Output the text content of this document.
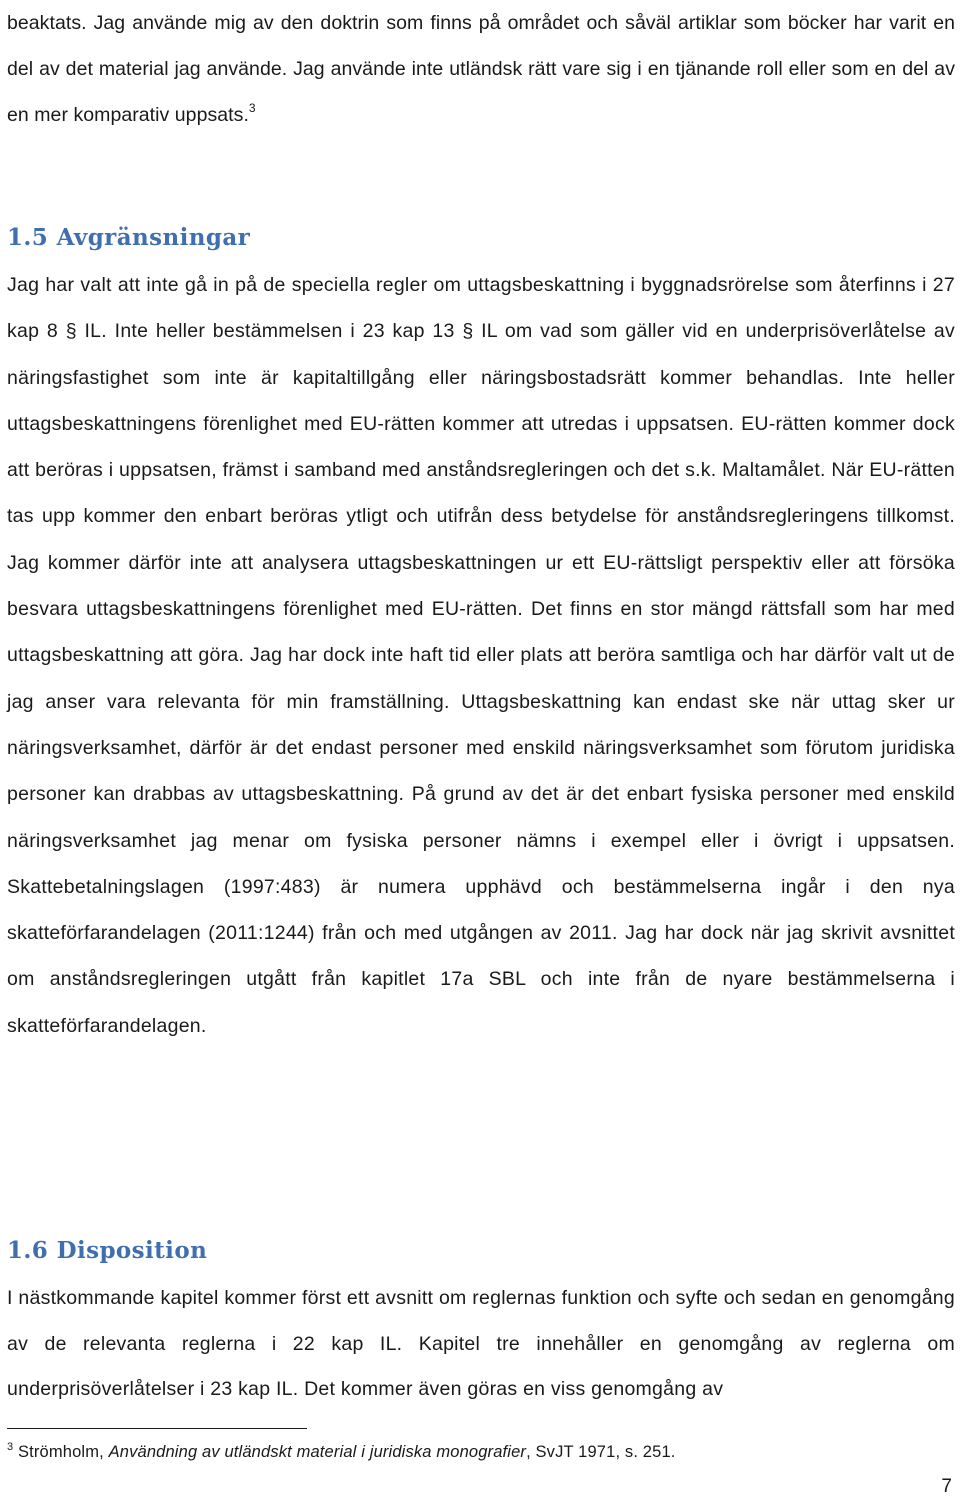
beaktats. Jag använde mig av den doktrin som finns på området och såväl artiklar som böcker har varit en del av det material jag använde. Jag använde inte utländsk rätt vare sig i en tjänande roll eller som en del av en mer komparativ uppsats.$^3$

1.5 Avgränsningar

Jag har valt att inte gå in på de speciella regler om uttagsbeskattning i byggnadsrörelse som återfinns i 27 kap 8 § IL. Inte heller bestämmelsen i 23 kap 13 § IL om vad som gäller vid en underprisöverlåtelse av näringsfastighet som inte är kapitaltillgång eller näringsbostadsrätt kommer behandlas. Inte heller uttagsbeskattningens förenlighet med EU-rätten kommer att utredas i uppsatsen. EU-rätten kommer dock att beröras i uppsatsen, främst i samband med anståndsregleringen och det s.k. Maltamålet. När EU-rätten tas upp kommer den enbart beröras ytligt och utifrån dess betydelse för anståndsregleringens tillkomst. Jag kommer därför inte att analysera uttagsbeskattningen ur ett EU-rättsligt perspektiv eller att försöka besvara uttagsbeskattningens förenlighet med EU-rätten. Det finns en stor mängd rättsfall som har med uttagsbeskattning att göra. Jag har dock inte haft tid eller plats att beröra samtliga och har därför valt ut de jag anser vara relevanta för min framställning. Uttagsbeskattning kan endast ske när uttag sker ur näringsverksamhet, därför är det endast personer med enskild näringsverksamhet som förutom juridiska personer kan drabbas av uttagsbeskattning. På grund av det är det enbart fysiska personer med enskild näringsverksamhet jag menar om fysiska personer nämns i exempel eller i övrigt i uppsatsen. Skattebetalningslagen (1997:483) är numera upphävd och bestämmelserna ingår i den nya skatteförfarandelagen (2011:1244) från och med utgången av 2011. Jag har dock när jag skrivit avsnittet om anståndsregleringen utgått från kapitlet 17a SBL och inte från de nyare bestämmelserna i skatteförfarandelagen.

1.6 Disposition

I nästkommande kapitel kommer först ett avsnitt om reglernas funktion och syfte och sedan en genomgång av de relevanta reglerna i 22 kap IL. Kapitel tre innehåller en genomgång av reglerna om underprisöverlåtelser i 23 kap IL. Det kommer även göras en viss genomgång av

$^3$ Strömholm, Användning av utländskt material i juridiska monografier, SvJT 1971, s. 251.

7
